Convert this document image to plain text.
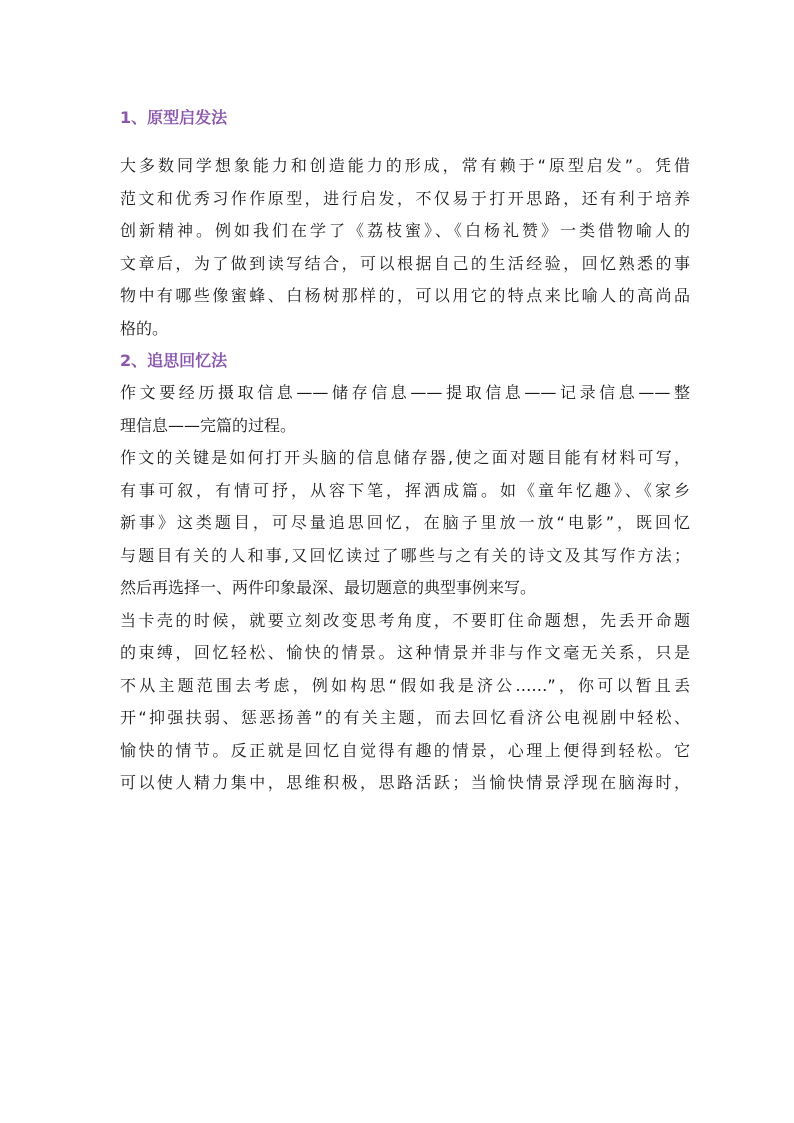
1、原型启发法
大多数同学想象能力和创造能力的形成，常有赖于“原型启发”。凭借
范文和优秀习作作原型，进行启发，不仅易于打开思路，还有利于培养
创新精神。例如我们在学了《荔枝蜜》、《白杨礼赞》一类借物喻人的
文章后，为了做到读写结合，可以根据自己的生活经验，回忆熟悉的事
物中有哪些像蜜蜂、白杨树那样的，可以用它的特点来比喻人的高尚品
格的。
2、追思回忆法
作文要经历摄取信息——储存信息——提取信息——记录信息——整
理信息——完篇的过程。
作文的关键是如何打开头脑的信息储存器,使之面对题目能有材料可写，
有事可叙，有情可抒，从容下笔，挥洒成篇。如《童年忆趣》、《家乡
新事》这类题目，可尽量追思回忆，在脑子里放一放“电影”，既回忆
与题目有关的人和事,又回忆读过了哪些与之有关的诗文及其写作方法；
然后再选择一、两件印象最深、最切题意的典型事例来写。
当卡壳的时候，就要立刻改变思考角度，不要盯住命题想，先丢开命题
的束缚，回忆轻松、愉快的情景。这种情景并非与作文毫无关系，只是
不从主题范围去考虑，例如构思“假如我是济公……”，你可以暂且丢
开“抑强扶弱、惩恶扬善”的有关主题，而去回忆看济公电视剧中轻松、
愉快的情节。反正就是回忆自觉得有趣的情景，心理上便得到轻松。它
可以使人精力集中，思维积极，思路活跃；当愉快情景浮现在脑海时，
